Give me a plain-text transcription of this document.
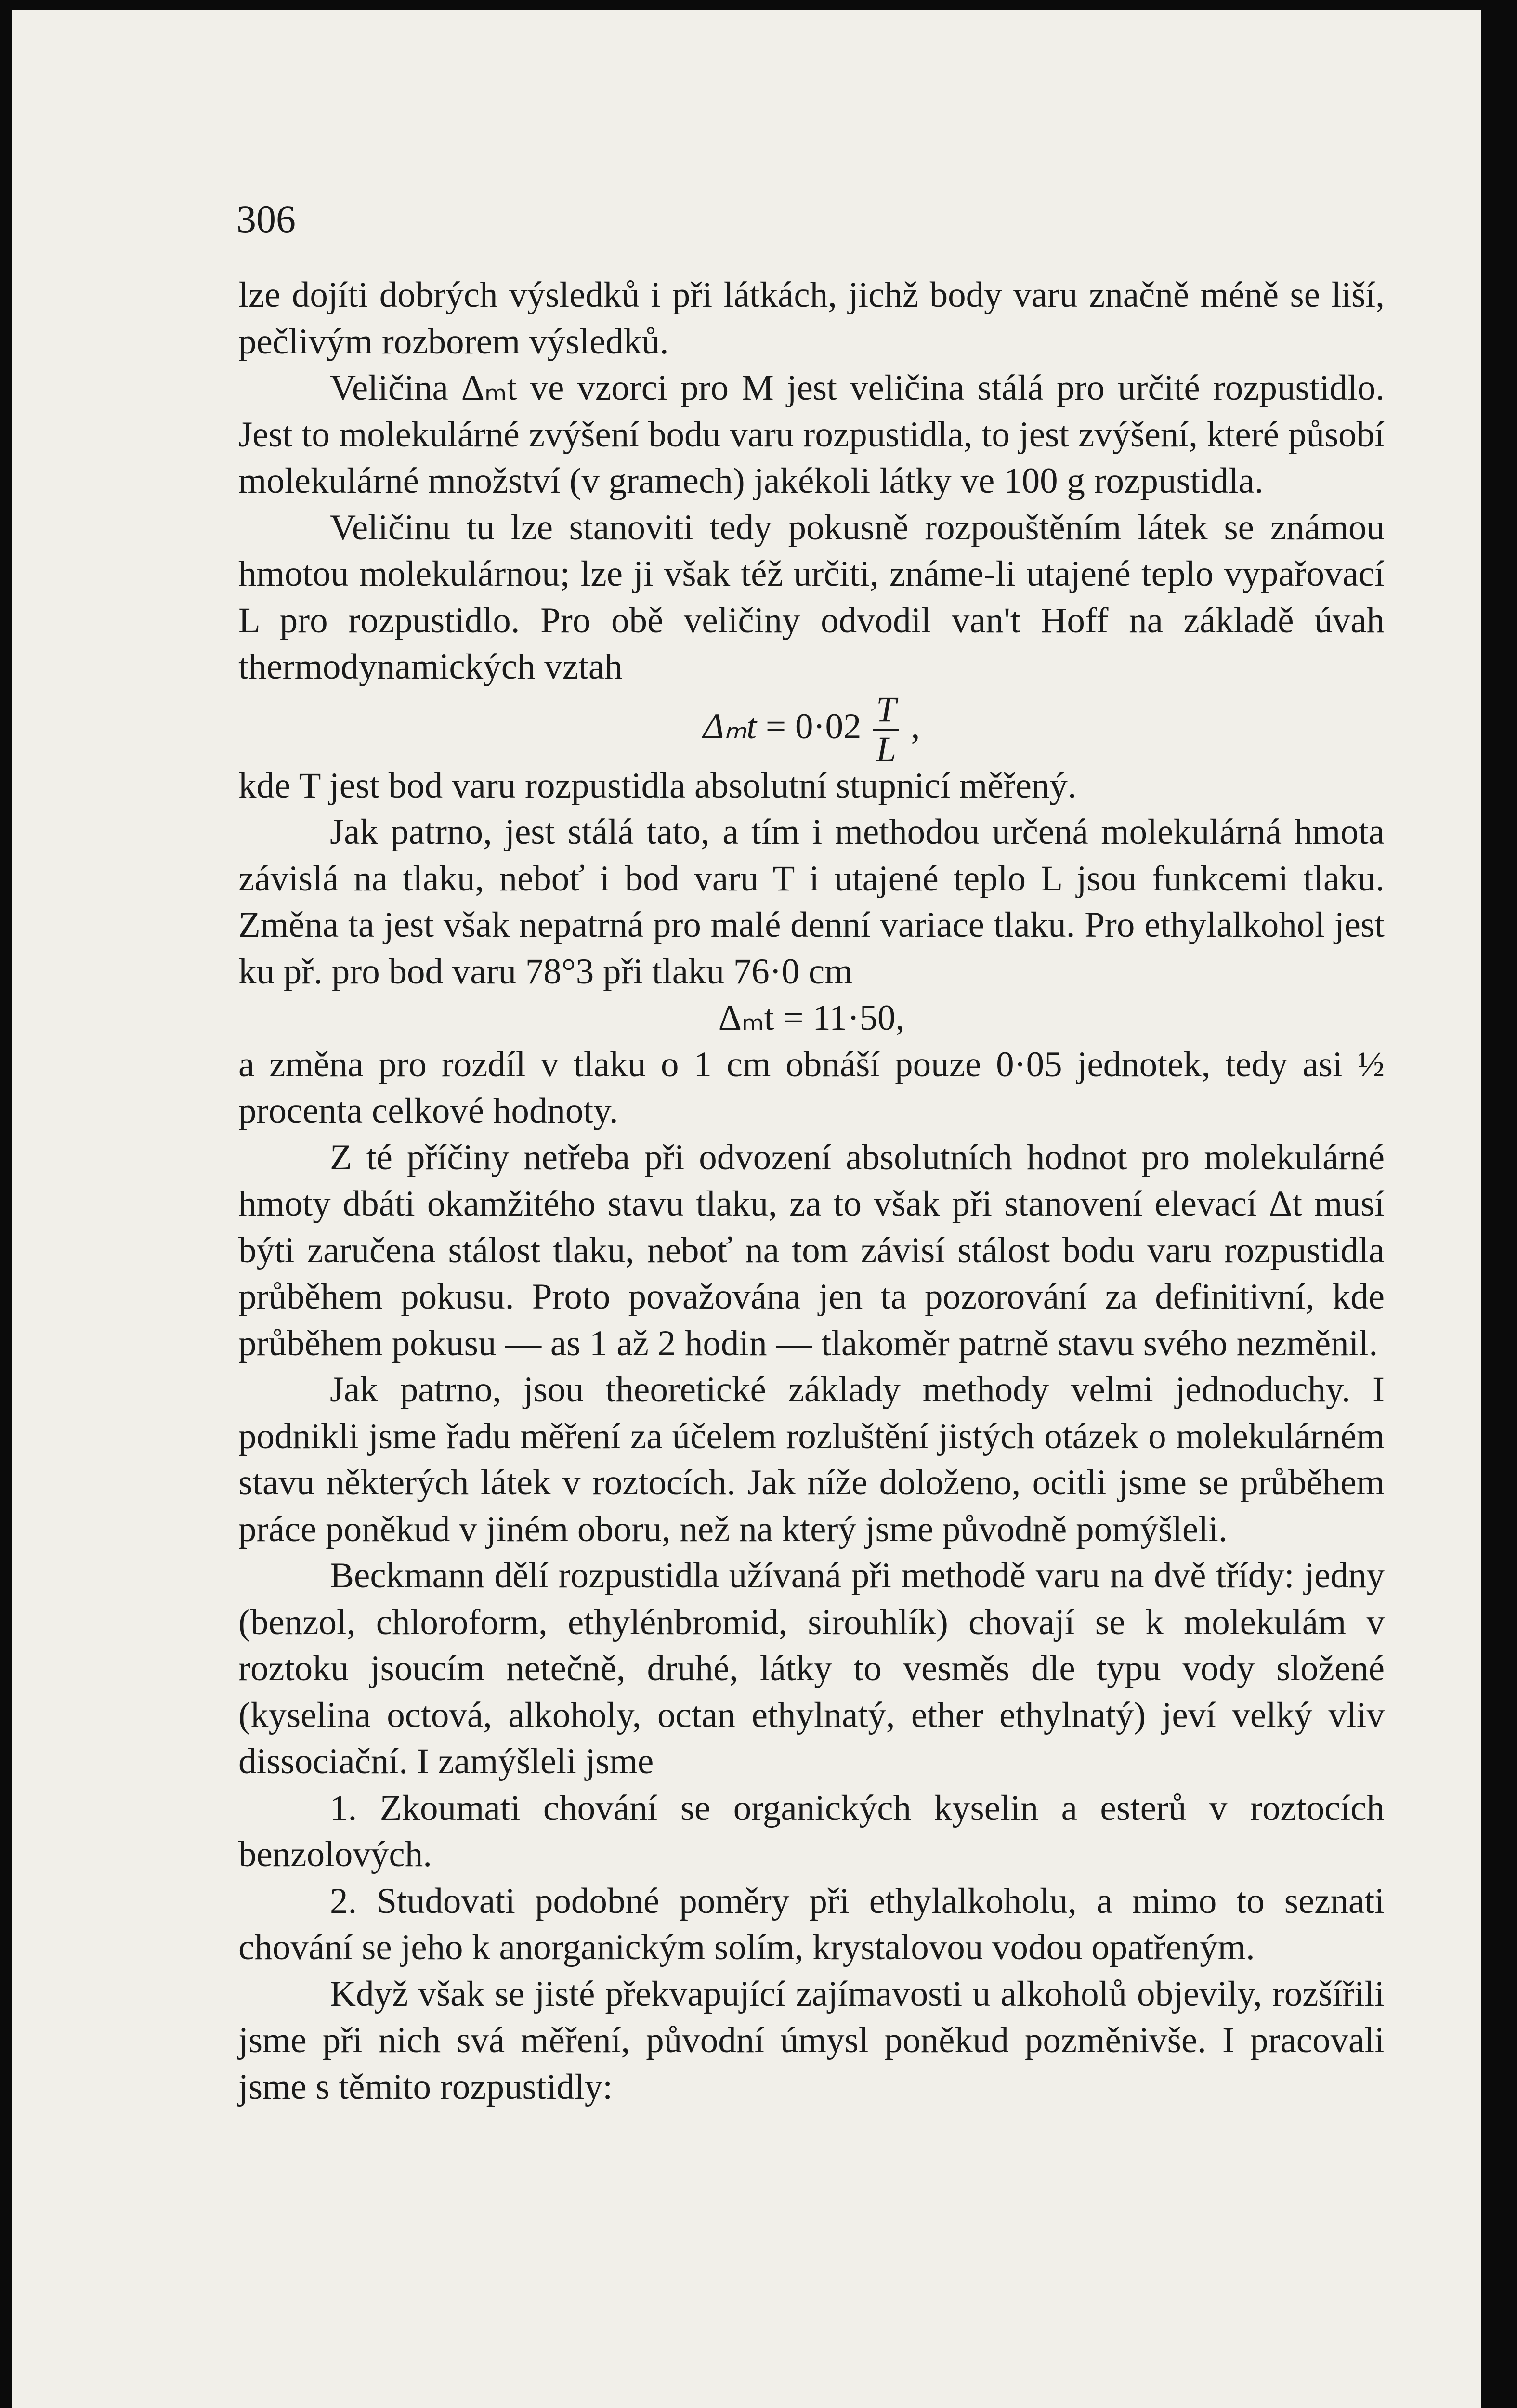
306

lze dojíti dobrých výsledků i při látkách, jichž body varu značně méně se liší, pečlivým rozborem výsledků.

Veličina Δₘt ve vzorci pro M jest veličina stálá pro určité rozpustidlo. Jest to molekulárné zvýšení bodu varu rozpustidla, to jest zvýšení, které působí molekulárné množství (v gramech) jakékoli látky ve 100 g rozpustidla.

Veličinu tu lze stanoviti tedy pokusně rozpouštěním látek se známou hmotou molekulárnou; lze ji však též určiti, známe-li utajené teplo vypařovací L pro rozpustidlo. Pro obě veličiny odvodil van't Hoff na základě úvah thermodynamických vztah

$\Delta_mt = 0\cdot 02 \frac{T}{L}$ ,

kde T jest bod varu rozpustidla absolutní stupnicí měřený.

Jak patrno, jest stálá tato, a tím i methodou určená molekulárná hmota závislá na tlaku, neboť i bod varu T i utajené teplo L jsou funkcemi tlaku. Změna ta jest však nepatrná pro malé denní variace tlaku. Pro ethylalkohol jest ku př. pro bod varu 78°3 při tlaku 76·0 cm

Δₘt = 11·50,

a změna pro rozdíl v tlaku o 1 cm obnáší pouze 0·05 jednotek, tedy asi ½ procenta celkové hodnoty.

Z té příčiny netřeba při odvození absolutních hodnot pro molekulárné hmoty dbáti okamžitého stavu tlaku, za to však při stanovení elevací Δt musí býti zaručena stálost tlaku, neboť na tom závisí stálost bodu varu rozpustidla průběhem pokusu. Proto považována jen ta pozorování za definitivní, kde průběhem pokusu — as 1 až 2 hodin — tlakoměr patrně stavu svého nezměnil.

Jak patrno, jsou theoretické základy methody velmi jednoduchy. I podnikli jsme řadu měření za účelem rozluštění jistých otázek o molekulárném stavu některých látek v roztocích. Jak níže doloženo, ocitli jsme se průběhem práce poněkud v jiném oboru, než na který jsme původně pomýšleli.

Beckmann dělí rozpustidla užívaná při methodě varu na dvě třídy: jedny (benzol, chloroform, ethylénbromid, sirouhlík) chovají se k molekulám v roztoku jsoucím netečně, druhé, látky to vesměs dle typu vody složené (kyselina octová, alkoholy, octan ethylnatý, ether ethylnatý) jeví velký vliv dissociační. I zamýšleli jsme

1. Zkoumati chování se organických kyselin a esterů v roztocích benzolových.

2. Studovati podobné poměry při ethylalkoholu, a mimo to seznati chování se jeho k anorganickým solím, krystalovou vodou opatřeným.

Když však se jisté překvapující zajímavosti u alkoholů objevily, rozšířili jsme při nich svá měření, původní úmysl poněkud pozměnivše. I pracovali jsme s těmito rozpustidly:
